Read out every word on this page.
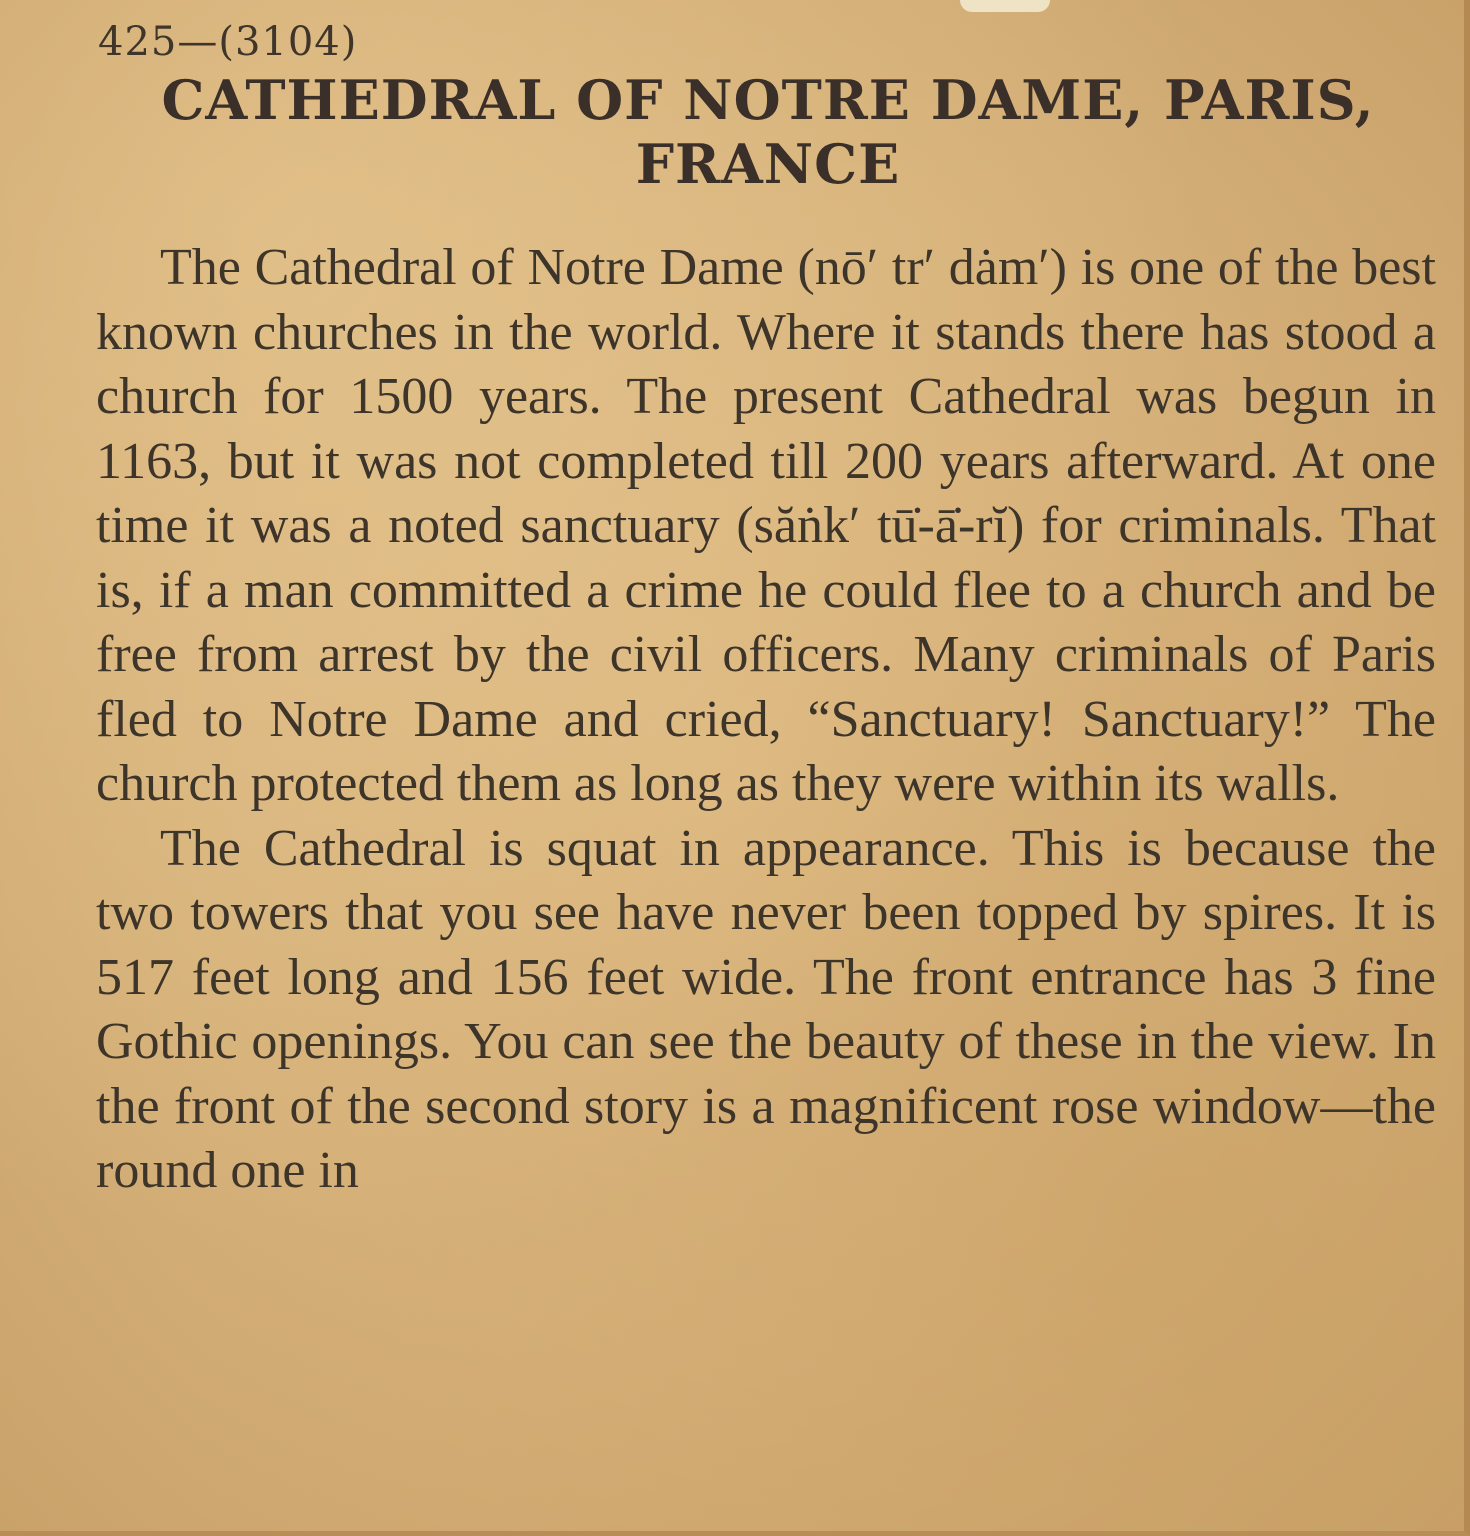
425—(3104)
CATHEDRAL OF NOTRE DAME, PARIS, FRANCE

The Cathedral of Notre Dame (nō′ tr′ dȧm′) is one of the best known churches in the world. Where it stands there has stood a church for 1500 years. The present Cathedral was begun in 1163, but it was not completed till 200 years afterward. At one time it was a noted sanctuary (săṅk′ tū̇-ā̇-rĭ) for criminals. That is, if a man committed a crime he could flee to a church and be free from arrest by the civil officers. Many criminals of Paris fled to Notre Dame and cried, “Sanctuary! Sanctuary!” The church protected them as long as they were within its walls.

The Cathedral is squat in appearance. This is because the two towers that you see have never been topped by spires. It is 517 feet long and 156 feet wide. The front entrance has 3 fine Gothic openings. You can see the beauty of these in the view. In the front of the second story is a magnificent rose window—the round one in
